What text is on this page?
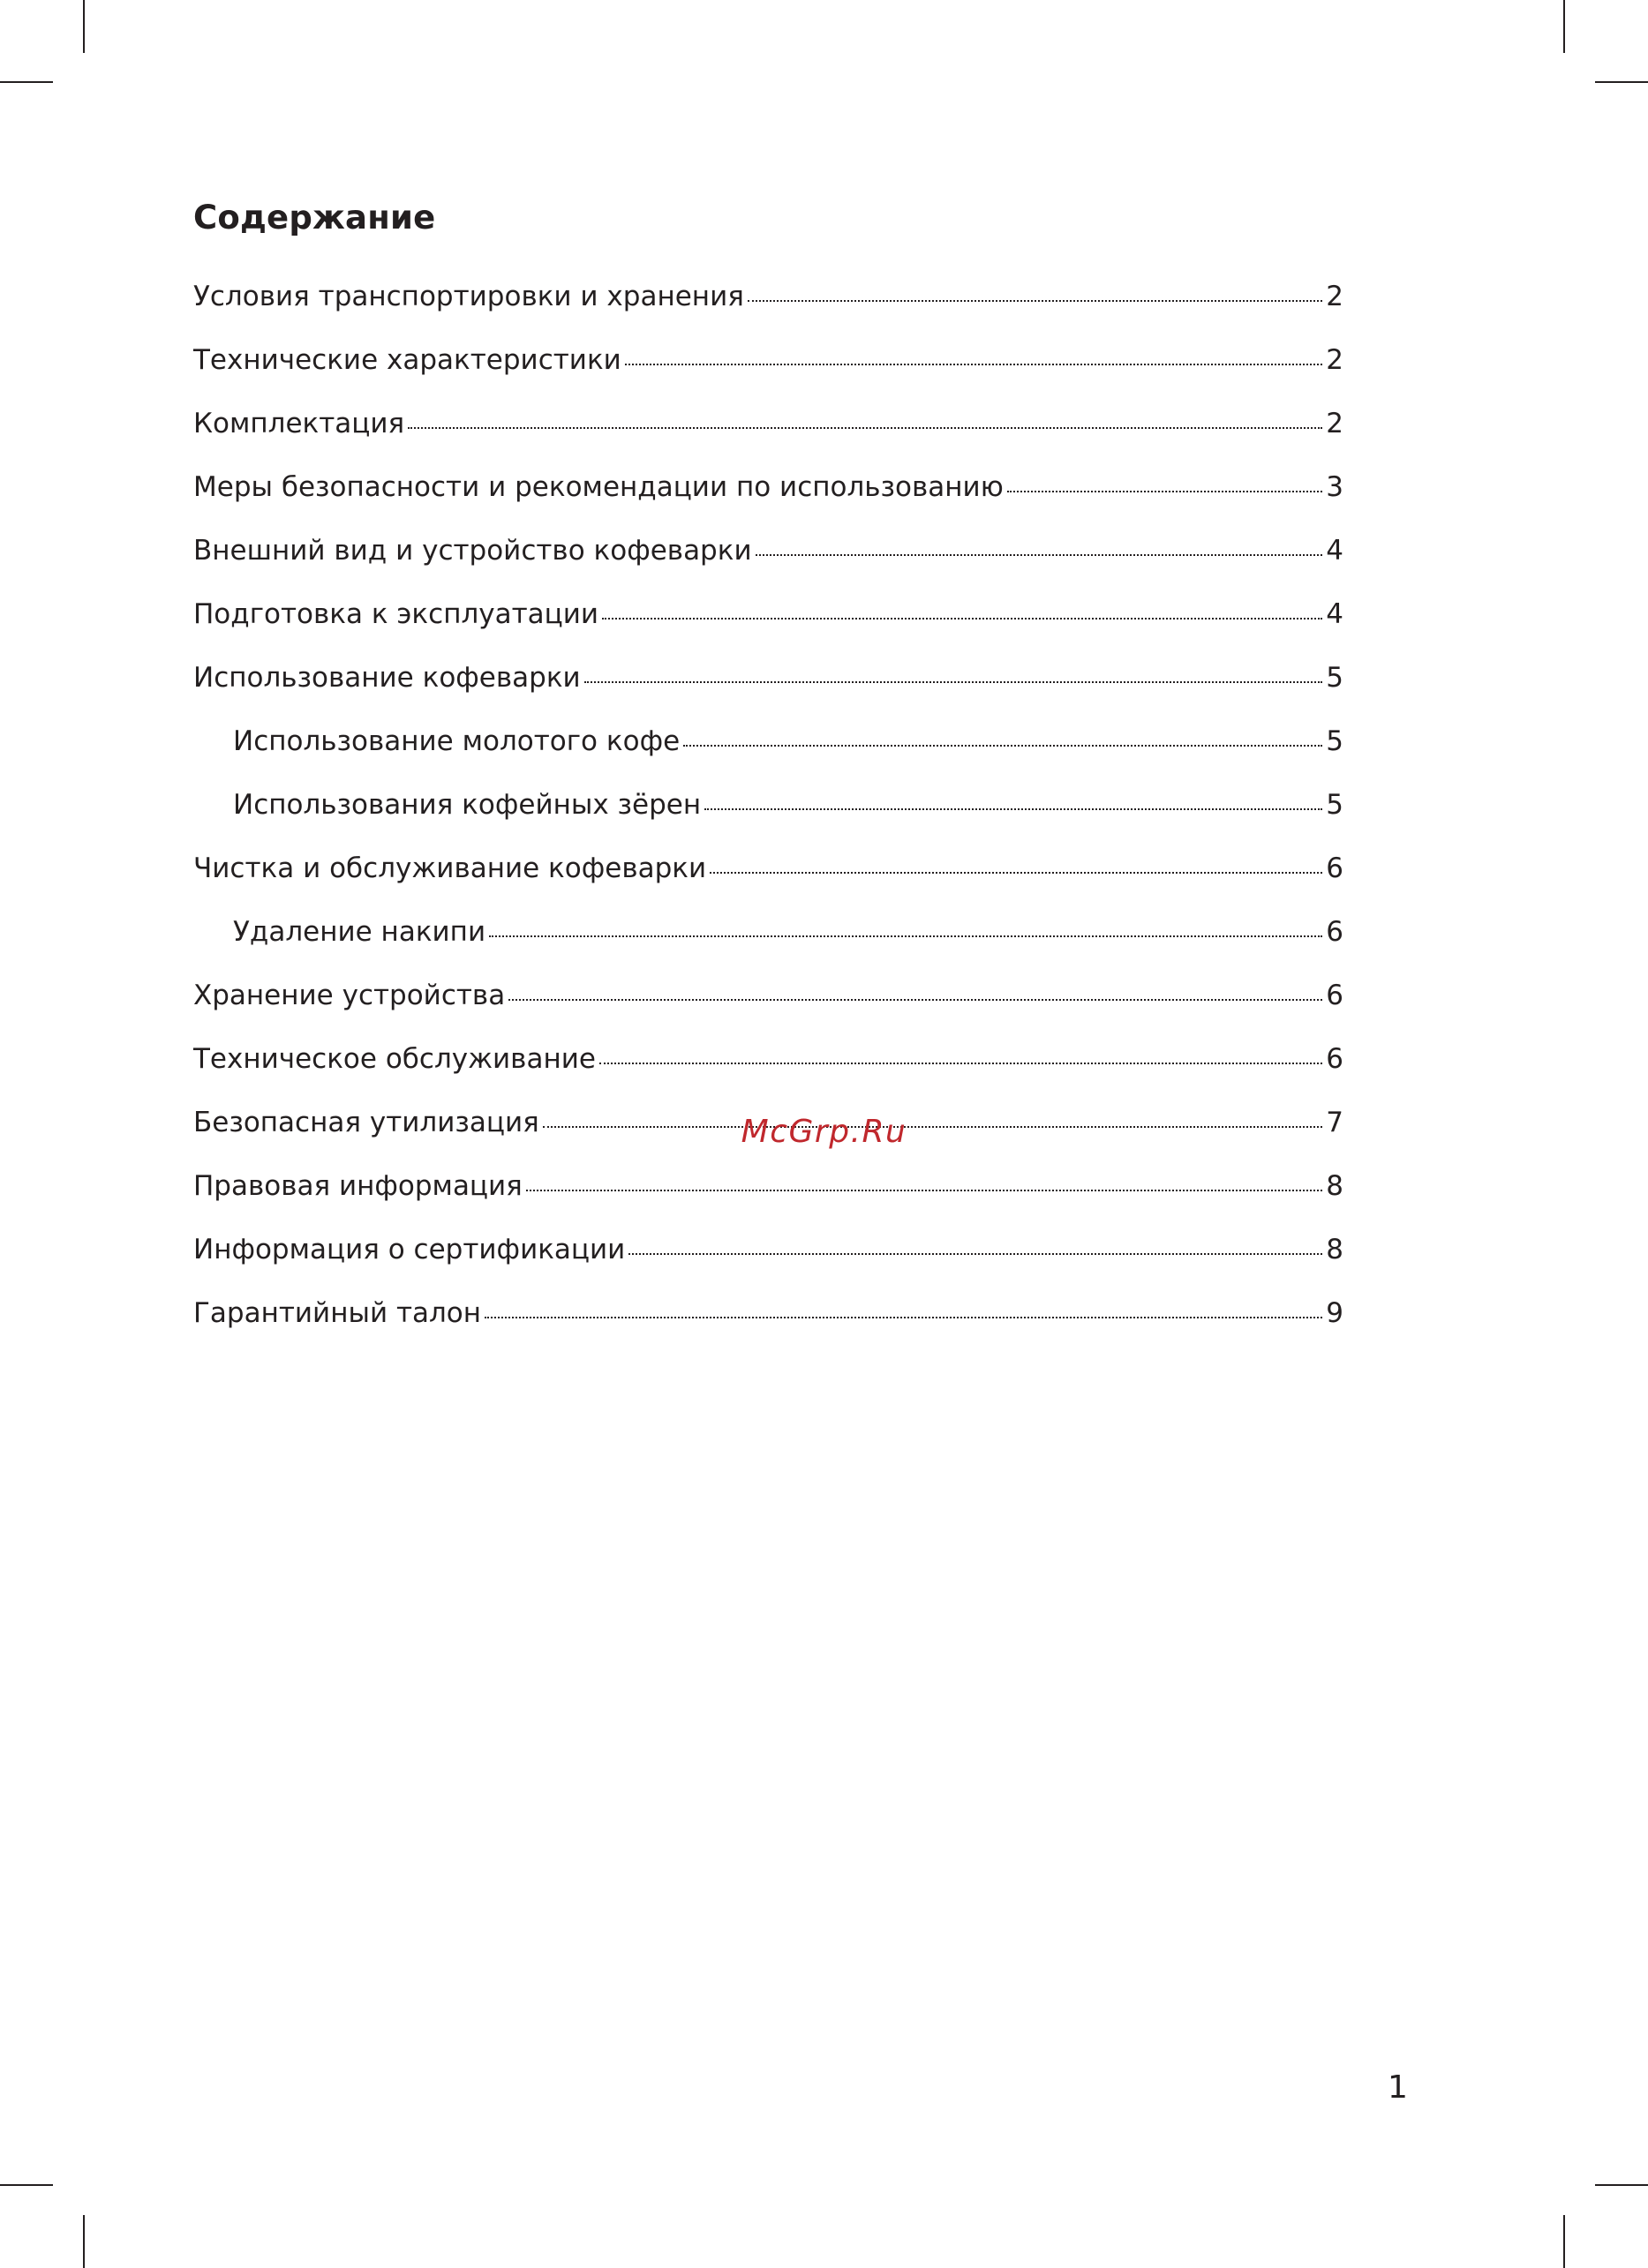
Содержание
Условия транспортировки и хранения	2
Технические характеристики	2
Комплектация	2
Меры безопасности и рекомендации по использованию	3
Внешний вид и устройство кофеварки	4
Подготовка к эксплуатации	4
Использование кофеварки	5
Использование молотого кофе	5
Использования кофейных зёрен	5
Чистка и обслуживание кофеварки	6
Удаление накипи	6
Хранение устройства	6
Техническое обслуживание	6
Безопасная утилизация	7
Правовая информация	8
Информация о сертификации	8
Гарантийный талон	9
McGrp.Ru
1
